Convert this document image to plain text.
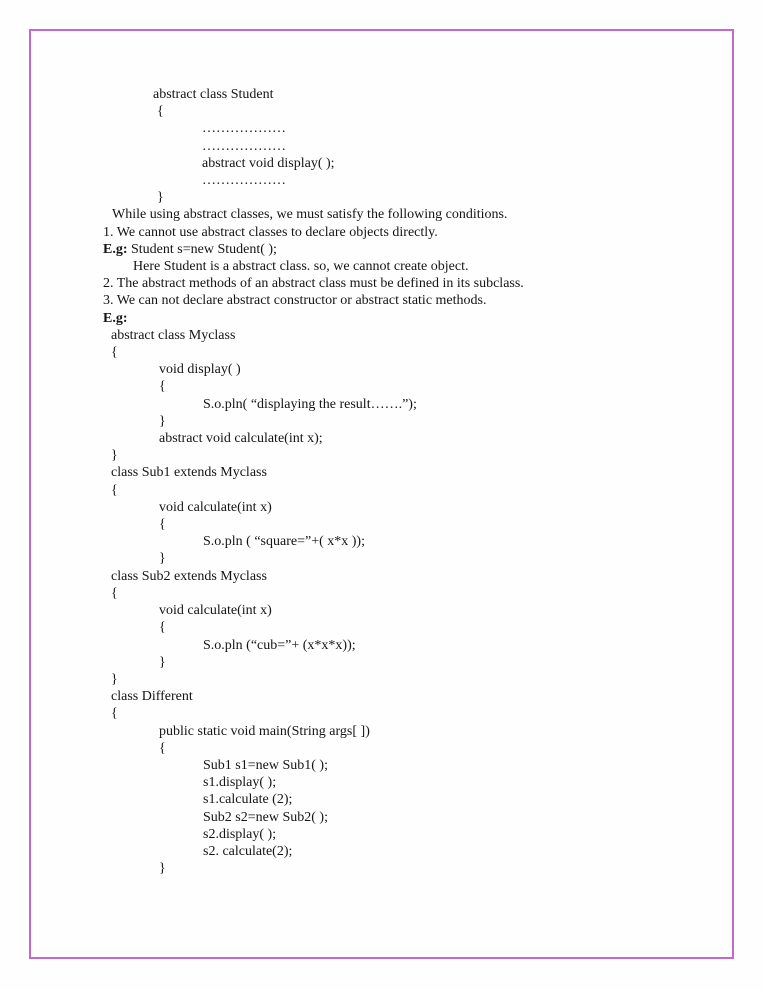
abstract class Student
{
………………
………………
abstract void display( );
………………
}
While using abstract classes, we must satisfy the following conditions.
1. We cannot use abstract classes to declare objects directly.
E.g: Student s=new Student( );
Here Student is a abstract class. so, we cannot create object.
2. The abstract methods of an abstract class must be defined in its subclass.
3. We can not declare abstract constructor or abstract static methods.
E.g:
abstract class Myclass
{
void display( )
{
S.o.pln( “displaying the result…….”);
}
abstract void calculate(int x);
}
class Sub1 extends Myclass
{
void calculate(int x)
{
S.o.pln ( “square=”+( x*x ));
}
class Sub2 extends Myclass
{
void calculate(int x)
{
S.o.pln (“cub=”+ (x*x*x));
}
}
class Different
{
public static void main(String args[ ])
{
Sub1 s1=new Sub1( );
s1.display( );
s1.calculate (2);
Sub2 s2=new Sub2( );
s2.display( );
s2. calculate(2);
}
